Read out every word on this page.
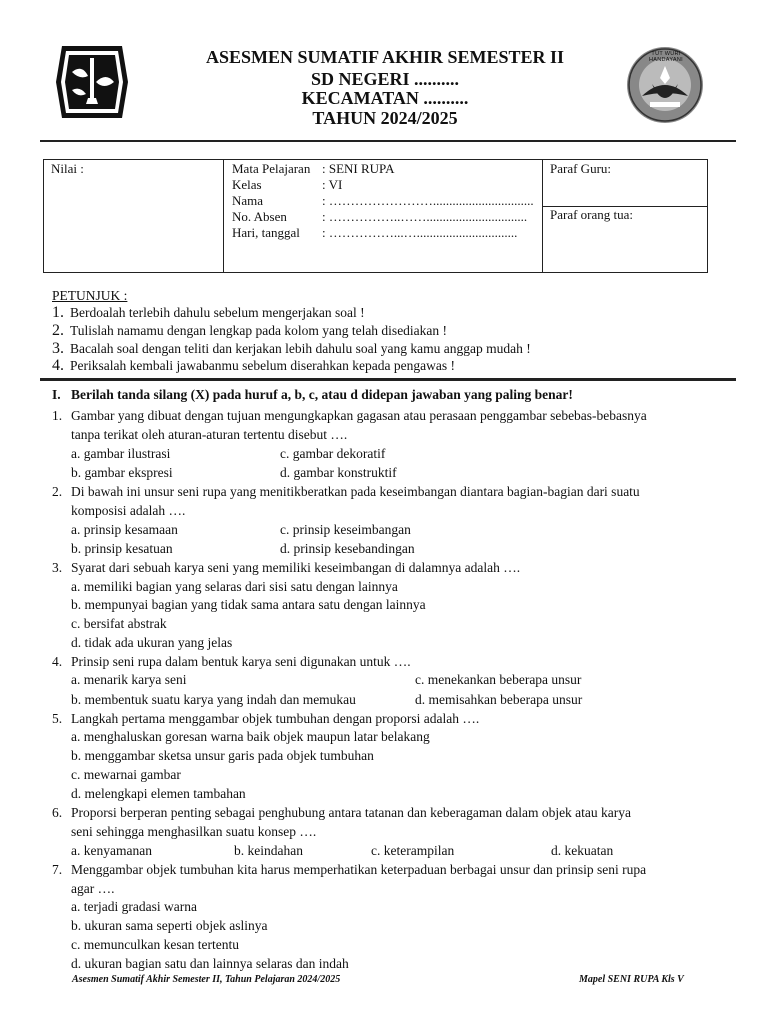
TUT WURI HANDAYANI
ASESMEN SUMATIF AKHIR SEMESTER II
SD NEGERI ..........
KECAMATAN ..........
TAHUN 2024/2025
Nilai :	Mata Pelajaran : SENI RUPA
Kelas	: VI
Nama	: ……………………...............................
No. Absen	: ……………..……...............................
Hari, tanggal : ……………...…...............................
Paraf Guru:
Paraf orang tua:
PETUNJUK :
1. Berdoalah terlebih dahulu sebelum mengerjakan soal !
2. Tulislah namamu dengan lengkap pada kolom yang telah disediakan !
3. Bacalah soal dengan teliti dan kerjakan lebih dahulu soal yang kamu anggap mudah !
4. Periksalah kembali jawabanmu sebelum diserahkan kepada pengawas !
I. Berilah tanda silang (X) pada huruf a, b, c, atau d didepan jawaban yang paling benar!
1. Gambar yang dibuat dengan tujuan mengungkapkan gagasan atau perasaan penggambar sebebas-bebasnya
tanpa terikat oleh aturan-aturan tertentu disebut ….
a. gambar ilustrasi	c. gambar dekoratif
b. gambar ekspresi	d. gambar konstruktif
2. Di bawah ini unsur seni rupa yang menitikberatkan pada keseimbangan diantara bagian-bagian dari suatu
komposisi adalah ….
a. prinsip kesamaan	c. prinsip keseimbangan
b. prinsip kesatuan	d. prinsip kesebandingan
3. Syarat dari sebuah karya seni yang memiliki keseimbangan di dalamnya adalah ….
a. memiliki bagian yang selaras dari sisi satu dengan lainnya
b. mempunyai bagian yang tidak sama antara satu dengan lainnya
c. bersifat abstrak
d. tidak ada ukuran yang jelas
4. Prinsip seni rupa dalam bentuk karya seni digunakan untuk ….
a. menarik karya seni	c. menekankan beberapa unsur
b. membentuk suatu karya yang indah dan memukau	d. memisahkan beberapa unsur
5. Langkah pertama menggambar objek tumbuhan dengan proporsi adalah ….
a. menghaluskan goresan warna baik objek maupun latar belakang
b. menggambar sketsa unsur garis pada objek tumbuhan
c. mewarnai gambar
d. melengkapi elemen tambahan
6. Proporsi berperan penting sebagai penghubung antara tatanan dan keberagaman dalam objek atau karya
seni sehingga menghasilkan suatu konsep ….
a. kenyamanan	b. keindahan	c. keterampilan	d. kekuatan
7. Menggambar objek tumbuhan kita harus memperhatikan keterpaduan berbagai unsur dan prinsip seni rupa
agar ….
a. terjadi gradasi warna
b. ukuran sama seperti objek aslinya
c. memunculkan kesan tertentu
d. ukuran bagian satu dan lainnya selaras dan indah
Asesmen Sumatif Akhir Semester II, Tahun Pelajaran 2024/2025	Mapel SENI RUPA Kls V
